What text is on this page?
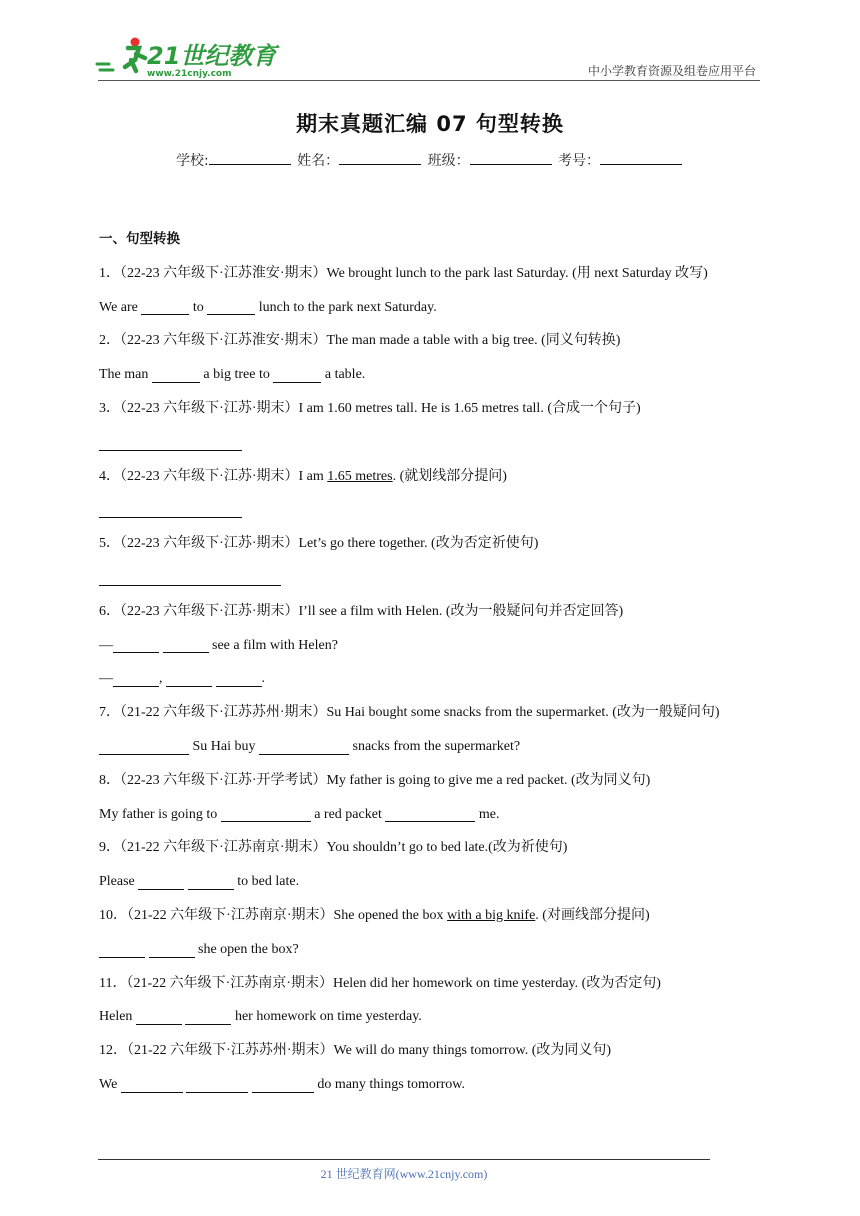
21世纪教育
www.21cnjy.com	中小学教育资源及组卷应用平台
期末真题汇编 07 句型转换
学校:	姓名：	班级：	考号：
一、句型转换
1．（22-23 六年级下·江苏淮安·期末）We brought lunch to the park last Saturday. (用 next Saturday 改写)
We are	to	lunch to the park next Saturday.
2．（22-23 六年级下·江苏淮安·期末）The man made a table with a big tree. (同义句转换)
The man	a big tree to	a table.
3．（22-23 六年级下·江苏·期末）I am 1.60 metres tall. He is 1.65 metres tall. (合成一个句子)
4．（22-23 六年级下·江苏·期末）I am 1.65 metres. (就划线部分提问)
5．（22-23 六年级下·江苏·期末）Let’s go there together. (改为否定祈使句)
6．（22-23 六年级下·江苏·期末）I’ll see a film with Helen. (改为一般疑问句并否定回答)
—	see a film with Helen?
—	,	.
7．（21-22 六年级下·江苏苏州·期末）Su Hai bought some snacks from the supermarket. (改为一般疑问句)
Su Hai buy	snacks from the supermarket?
8．（22-23 六年级下·江苏·开学考试）My father is going to give me a red packet. (改为同义句)
My father is going to	a red packet	me.
9．（21-22 六年级下·江苏南京·期末）You shouldn’t go to bed late.(改为祈使句)
Please	to bed late.
10．（21-22 六年级下·江苏南京·期末）She opened the box with a big knife. (对画线部分提问)
she open the box?
11．（21-22 六年级下·江苏南京·期末）Helen did her homework on time yesterday. (改为否定句)
Helen	her homework on time yesterday.
12．（21-22 六年级下·江苏苏州·期末）We will do many things tomorrow. (改为同义句)
We	do many things tomorrow.
21 世纪教育网(www.21cnjy.com)
